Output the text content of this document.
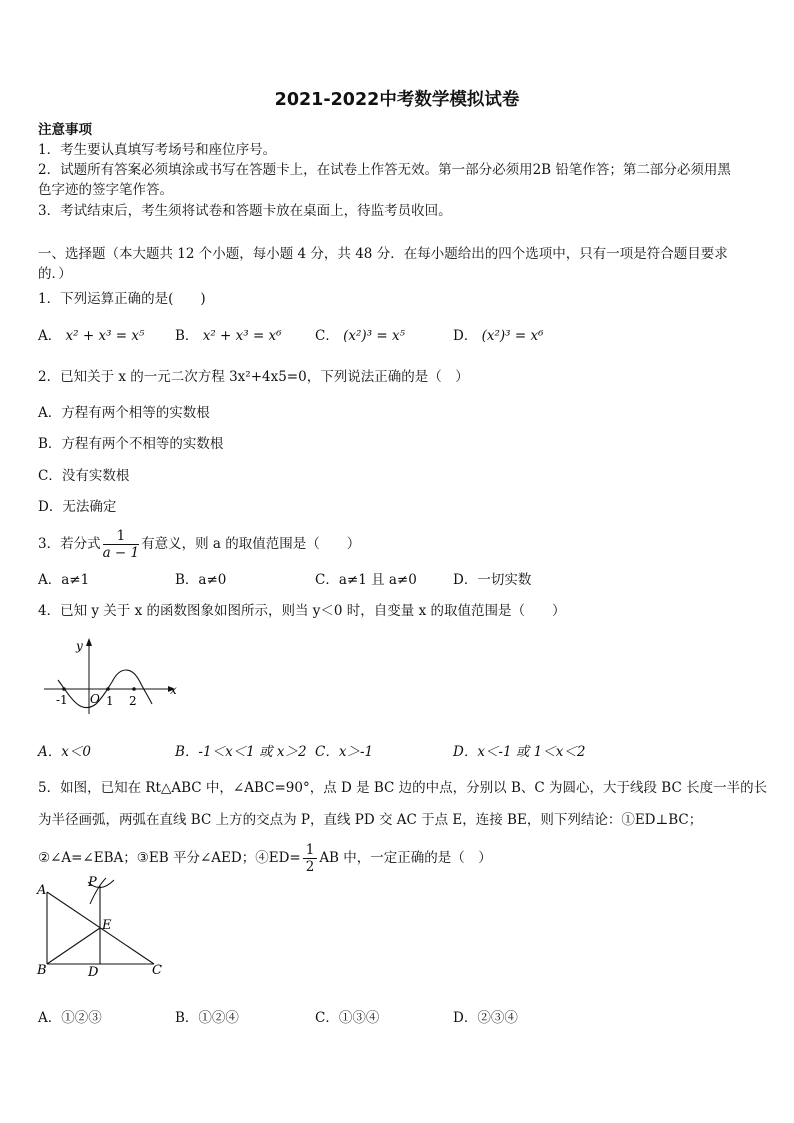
2021-2022中考数学模拟试卷
注意事项
1．考生要认真填写考场号和座位序号。
2．试题所有答案必须填涂或书写在答题卡上，在试卷上作答无效。第一部分必须用2B 铅笔作答；第二部分必须用黑
色字迹的签字笔作答。
3．考试结束后，考生须将试卷和答题卡放在桌面上，待监考员收回。
一、选择题（本大题共 12 个小题，每小题 4 分，共 48 分．在每小题给出的四个选项中，只有一项是符合题目要求
的．）
1．下列运算正确的是(　　)
A． x² + x³ = x⁵ B． x² + x³ = x⁶ C． (x²)³ = x⁵	D． (x²)³ = x⁶
2．已知关于 x 的一元二次方程 3x²+4x5=0，下列说法正确的是（　）
A．方程有两个相等的实数根
B．方程有两个不相等的实数根
C．没有实数根
D．无法确定
3．若分式 $\frac{1}{a - 1}$ 有意义，则 a 的取值范围是（　　）
A．a≠1	B．a≠0	C．a≠1 且 a≠0	D．一切实数
4．已知 y 关于 x 的函数图象如图所示，则当 y＜0 时，自变量 x 的取值范围是（　　）
y
x
O
-1	1 2
A．x＜0	B．-1＜x＜1 或 x＞2 C．x＞-1	D．x＜-1 或 1＜x＜2
5．如图，已知在 Rt△ABC 中，∠ABC=90°，点 D 是 BC 边的中点，分别以 B、C 为圆心，大于线段 BC 长度一半的长
为半径画弧，两弧在直线 BC 上方的交点为 P，直线 PD 交 AC 于点 E，连接 BE，则下列结论：①ED⊥BC；
②∠A=∠EBA；③EB 平分∠AED；④ED= $\frac{1}{2}$ AB 中，一定正确的是（　）
A
B	C
D
E
P
A．①②③	B．①②④	C．①③④	D．②③④
